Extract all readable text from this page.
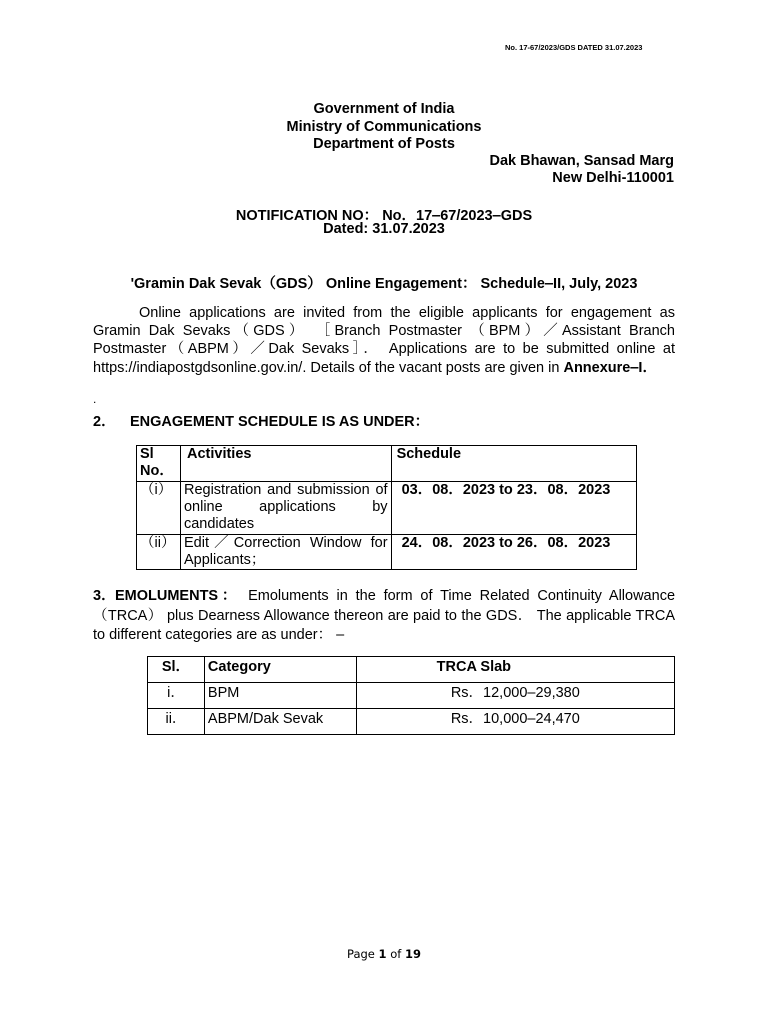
No. 17-67/2023/GDS DATED 31.07.2023
Government of India
Ministry of Communications
Department of Posts
Dak Bhawan, Sansad Marg
New Delhi-110001
NOTIFICATION NO： No．17‒67/2023‒GDS
Dated: 31.07.2023
'Gramin Dak Sevak（GDS） Online Engagement： Schedule‒II, July, 2023
Online applications are invited from the eligible applicants for engagement as Gramin Dak Sevaks（GDS） ［Branch Postmaster （BPM）／Assistant Branch Postmaster（ABPM）／Dak Sevaks］． Applications are to be submitted online at https://indiapostgdsonline.gov.in/. Details of the vacant posts are given in Annexure‒I．
.
2． ENGAGEMENT SCHEDULE IS AS UNDER：
Sl No．	Activities	Schedule
（i）	Registration and submission of online applications by candidates	03．08．2023 to 23．08．2023
（ii）	Edit／Correction Window for Applicants；	24．08．2023 to 26．08．2023
3．EMOLUMENTS： Emoluments in the form of Time Related Continuity Allowance （TRCA） plus Dearness Allowance thereon are paid to the GDS． The applicable TRCA to different categories are as under： ‒
Sl．	Category	TRCA Slab
i．	BPM	Rs．12,000‒29,380
ii．	ABPM/Dak Sevak	Rs．10,000‒24,470
Page 1 of 19
